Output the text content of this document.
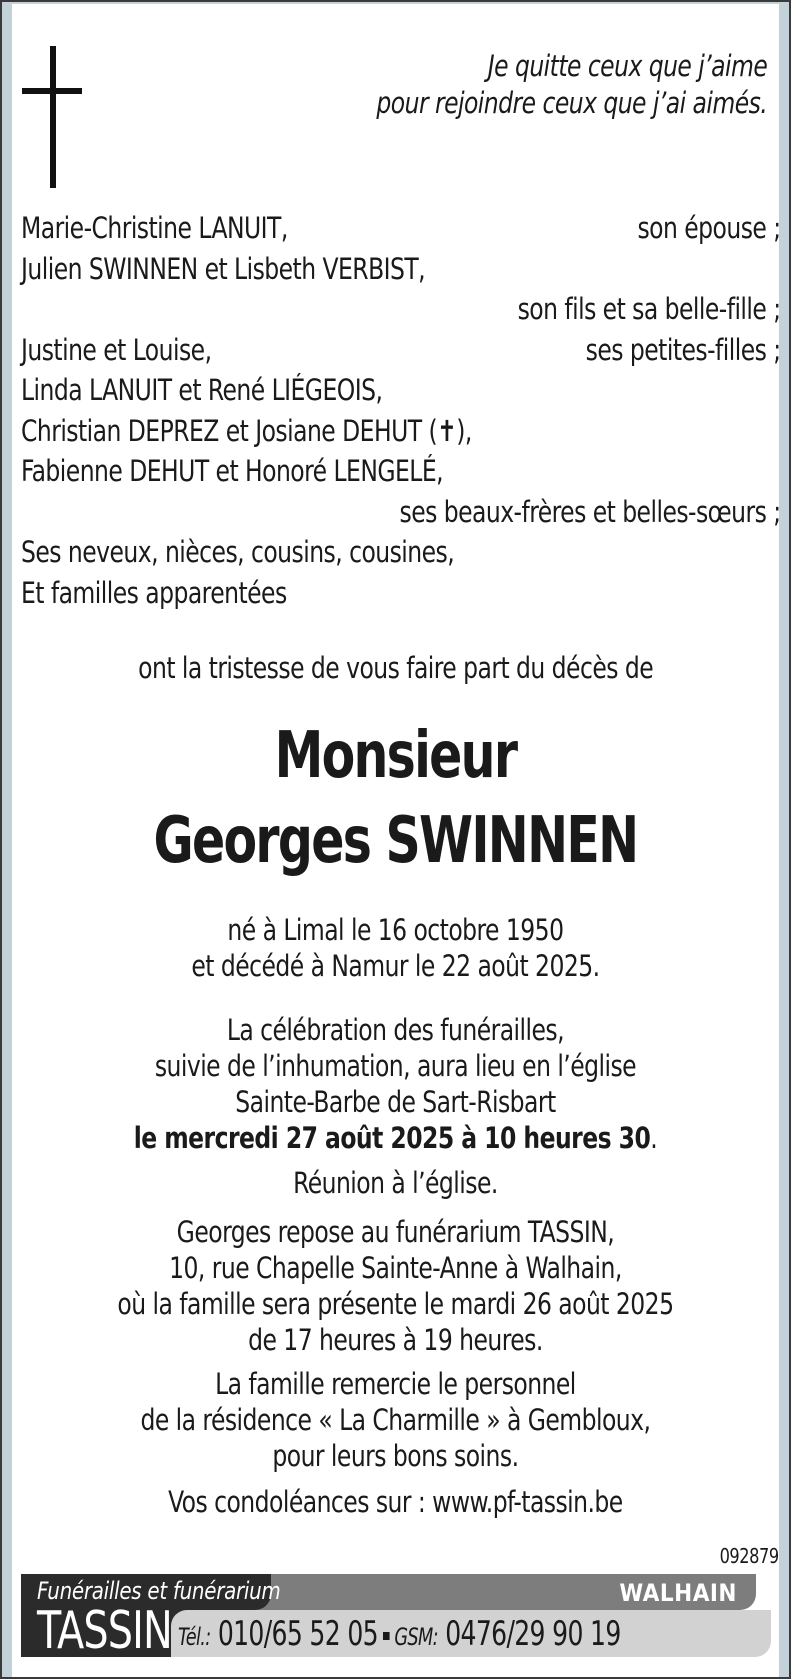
Je quitte ceux que j’aime
pour rejoindre ceux que j’ai aimés.
Marie-Christine LANUIT,	son épouse ;
Julien SWINNEN et Lisbeth VERBIST,
son fils et sa belle-fille ;
Justine et Louise,	ses petites-filles ;
Linda LANUIT et René LIÉGEOIS,
Christian DEPREZ et Josiane DEHUT (✝),
Fabienne DEHUT et Honoré LENGELÉ,
ses beaux-frères et belles-sœurs ;
Ses neveux, nièces, cousins, cousines,
Et familles apparentées
ont la tristesse de vous faire part du décès de
Monsieur
Georges SWINNEN
né à Limal le 16 octobre 1950
et décédé à Namur le 22 août 2025.
La célébration des funérailles,
suivie de l’inhumation, aura lieu en l’église
Sainte-Barbe de Sart-Risbart
le mercredi 27 août 2025 à 10 heures 30.
Réunion à l’église.
Georges repose au funérarium TASSIN,
10, rue Chapelle Sainte-Anne à Walhain,
où la famille sera présente le mardi 26 août 2025
de 17 heures à 19 heures.
La famille remercie le personnel
de la résidence « La Charmille » à Gembloux,
pour leurs bons soins.
Vos condoléances sur : www.pf-tassin.be
092879
Funérailles et funérarium
TASSIN
WALHAIN
Tél.: 010/65 52 05 GSM: 0476/29 90 19
